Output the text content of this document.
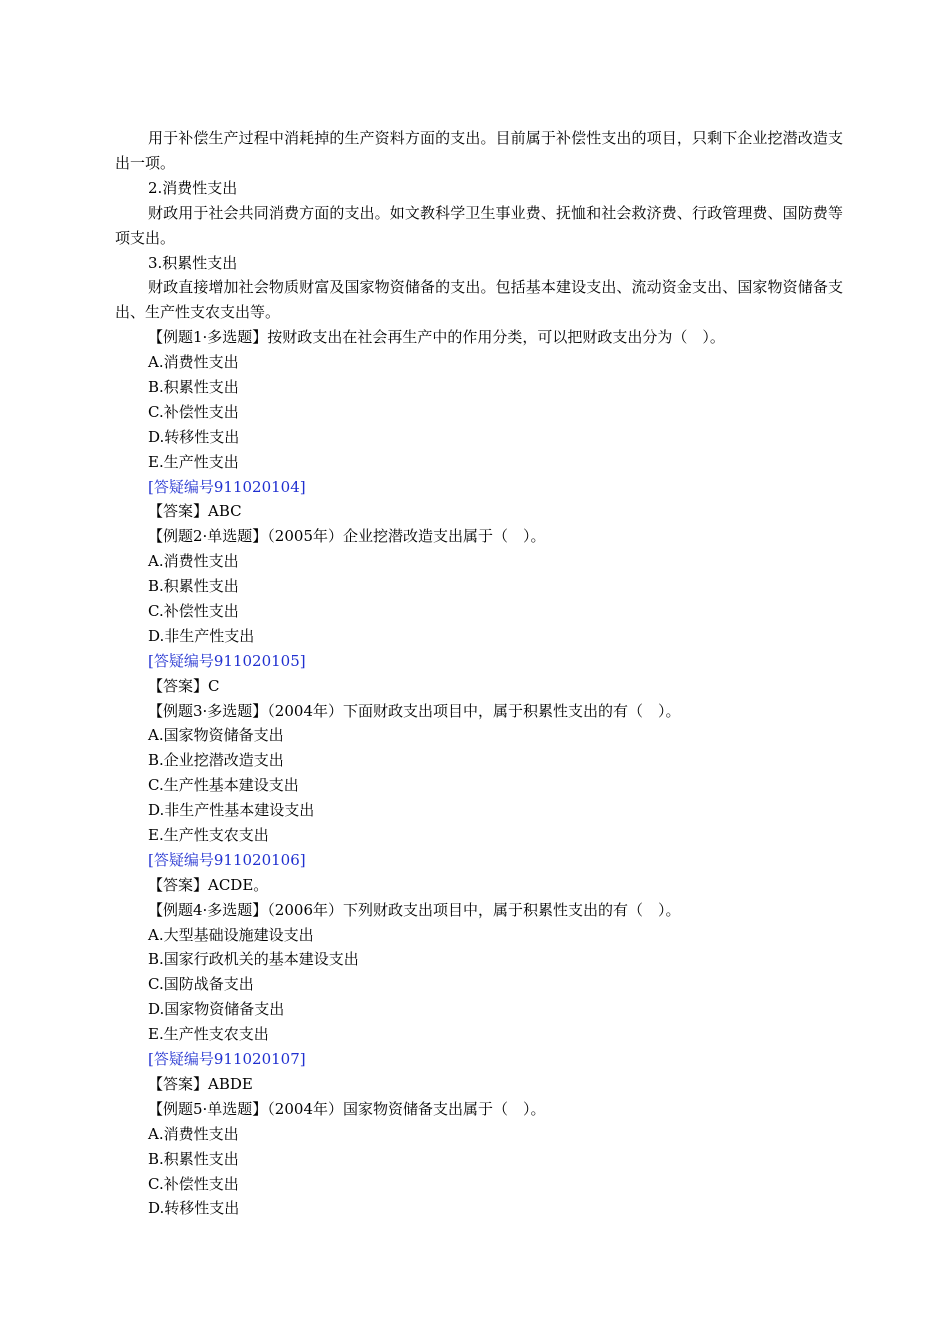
用于补偿生产过程中消耗掉的生产资料方面的支出。目前属于补偿性支出的项目，只剩下企业挖潜改造支出一项。
2.消费性支出
财政用于社会共同消费方面的支出。如文教科学卫生事业费、抚恤和社会救济费、行政管理费、国防费等项支出。
3.积累性支出
财政直接增加社会物质财富及国家物资储备的支出。包括基本建设支出、流动资金支出、国家物资储备支出、生产性支农支出等。
【例题1·多选题】按财政支出在社会再生产中的作用分类，可以把财政支出分为（　）。
A.消费性支出
B.积累性支出
C.补偿性支出
D.转移性支出
E.生产性支出
[答疑编号911020104]
【答案】ABC
【例题2·单选题】（2005年）企业挖潜改造支出属于（　）。
A.消费性支出
B.积累性支出
C.补偿性支出
D.非生产性支出
[答疑编号911020105]
【答案】C
【例题3·多选题】（2004年）下面财政支出项目中，属于积累性支出的有（　）。
A.国家物资储备支出
B.企业挖潜改造支出
C.生产性基本建设支出
D.非生产性基本建设支出
E.生产性支农支出
[答疑编号911020106]
【答案】ACDE。
【例题4·多选题】（2006年）下列财政支出项目中，属于积累性支出的有（　）。
A.大型基础设施建设支出
B.国家行政机关的基本建设支出
C.国防战备支出
D.国家物资储备支出
E.生产性支农支出
[答疑编号911020107]
【答案】ABDE
【例题5·单选题】（2004年）国家物资储备支出属于（　）。
A.消费性支出
B.积累性支出
C.补偿性支出
D.转移性支出
